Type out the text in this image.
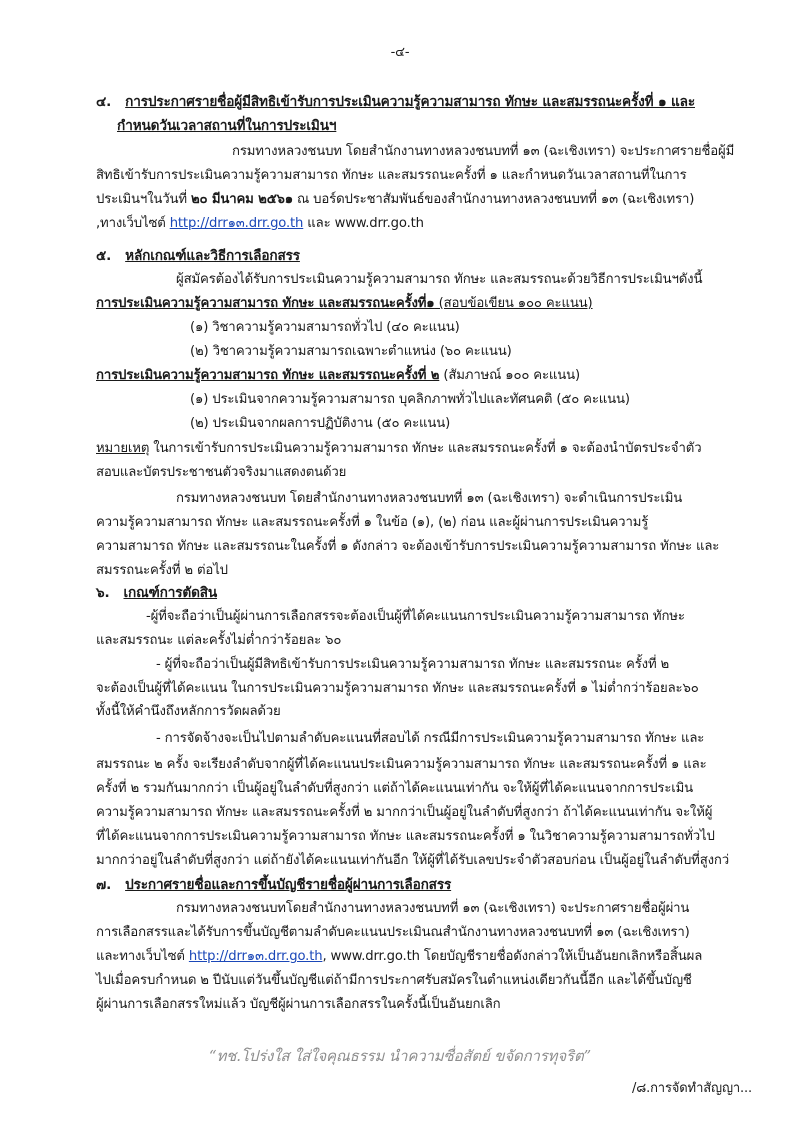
-๔-
๔. การประกาศรายชื่อผู้มีสิทธิเข้ารับการประเมินความรู้ความสามารถ ทักษะ และสมรรถนะครั้งที่ ๑ และ
กำหนดวันเวลาสถานที่ในการประเมินฯ
กรมทางหลวงชนบท โดยสำนักงานทางหลวงชนบทที่ ๑๓ (ฉะเชิงเทรา) จะประกาศรายชื่อผู้มี
สิทธิเข้ารับการประเมินความรู้ความสามารถ ทักษะ และสมรรถนะครั้งที่ ๑ และกำหนดวันเวลาสถานที่ในการ
ประเมินฯในวันที่ ๒๐ มีนาคม ๒๕๖๑ ณ บอร์ดประชาสัมพันธ์ของสำนักงานทางหลวงชนบทที่ ๑๓ (ฉะเชิงเทรา)
,ทางเว็บไซต์ http://drr๑๓.drr.go.th และ www.drr.go.th
๕. หลักเกณฑ์และวิธีการเลือกสรร
ผู้สมัครต้องได้รับการประเมินความรู้ความสามารถ ทักษะ และสมรรถนะด้วยวิธีการประเมินฯดังนี้
การประเมินความรู้ความสามารถ ทักษะ และสมรรถนะครั้งที่๑ (สอบข้อเขียน ๑๐๐ คะแนน)
(๑) วิชาความรู้ความสามารถทั่วไป (๔๐ คะแนน)
(๒) วิชาความรู้ความสามารถเฉพาะตำแหน่ง (๖๐ คะแนน)
การประเมินความรู้ความสามารถ ทักษะ และสมรรถนะครั้งที่ ๒ (สัมภาษณ์ ๑๐๐ คะแนน)
(๑) ประเมินจากความรู้ความสามารถ บุคลิกภาพทั่วไปและทัศนคติ (๕๐ คะแนน)
(๒) ประเมินจากผลการปฏิบัติงาน (๕๐ คะแนน)
หมายเหตุ ในการเข้ารับการประเมินความรู้ความสามารถ ทักษะ และสมรรถนะครั้งที่ ๑ จะต้องนำบัตรประจำตัว
สอบและบัตรประชาชนตัวจริงมาแสดงตนด้วย
กรมทางหลวงชนบท โดยสำนักงานทางหลวงชนบทที่ ๑๓ (ฉะเชิงเทรา) จะดำเนินการประเมิน
ความรู้ความสามารถ ทักษะ และสมรรถนะครั้งที่ ๑ ในข้อ (๑), (๒) ก่อน และผู้ผ่านการประเมินความรู้
ความสามารถ ทักษะ และสมรรถนะในครั้งที่ ๑ ดังกล่าว จะต้องเข้ารับการประเมินความรู้ความสามารถ ทักษะ และ
สมรรถนะครั้งที่ ๒ ต่อไป
๖. เกณฑ์การตัดสิน
-ผู้ที่จะถือว่าเป็นผู้ผ่านการเลือกสรรจะต้องเป็นผู้ที่ได้คะแนนการประเมินความรู้ความสามารถ ทักษะ
และสมรรถนะ แต่ละครั้งไม่ต่ำกว่าร้อยละ ๖๐
- ผู้ที่จะถือว่าเป็นผู้มีสิทธิเข้ารับการประเมินความรู้ความสามารถ ทักษะ และสมรรถนะ ครั้งที่ ๒
จะต้องเป็นผู้ที่ได้คะแนน ในการประเมินความรู้ความสามารถ ทักษะ และสมรรถนะครั้งที่ ๑ ไม่ต่ำกว่าร้อยละ๖๐
ทั้งนี้ให้คำนึงถึงหลักการวัดผลด้วย
- การจัดจ้างจะเป็นไปตามลำดับคะแนนที่สอบได้ กรณีมีการประเมินความรู้ความสามารถ ทักษะ และ
สมรรถนะ ๒ ครั้ง จะเรียงลำดับจากผู้ที่ได้คะแนนประเมินความรู้ความสามารถ ทักษะ และสมรรถนะครั้งที่ ๑ และ
ครั้งที่ ๒ รวมกันมากกว่า เป็นผู้อยู่ในลำดับที่สูงกว่า แต่ถ้าได้คะแนนเท่ากัน จะให้ผู้ที่ได้คะแนนจากการประเมิน
ความรู้ความสามารถ ทักษะ และสมรรถนะครั้งที่ ๒ มากกว่าเป็นผู้อยู่ในลำดับที่สูงกว่า ถ้าได้คะแนนเท่ากัน จะให้ผู้
ที่ได้คะแนนจากการประเมินความรู้ความสามารถ ทักษะ และสมรรถนะครั้งที่ ๑ ในวิชาความรู้ความสามารถทั่วไป
มากกว่าอยู่ในลำดับที่สูงกว่า แต่ถ้ายังได้คะแนนเท่ากันอีก ให้ผู้ที่ได้รับเลขประจำตัวสอบก่อน เป็นผู้อยู่ในลำดับที่สูงกว่
๗. ประกาศรายชื่อและการขึ้นบัญชีรายชื่อผู้ผ่านการเลือกสรร
กรมทางหลวงชนบทโดยสำนักงานทางหลวงชนบทที่ ๑๓ (ฉะเชิงเทรา) จะประกาศรายชื่อผู้ผ่าน
การเลือกสรรและได้รับการขึ้นบัญชีตามลำดับคะแนนประเมินณสำนักงานทางหลวงชนบทที่ ๑๓ (ฉะเชิงเทรา)
และทางเว็บไซต์ http://drr๑๓.drr.go.th, www.drr.go.th โดยบัญชีรายชื่อดังกล่าวให้เป็นอันยกเลิกหรือสิ้นผล
ไปเมื่อครบกำหนด ๒ ปีนับแต่วันขึ้นบัญชีแต่ถ้ามีการประกาศรับสมัครในตำแหน่งเดียวกันนี้อีก และได้ขึ้นบัญชี
ผู้ผ่านการเลือกสรรใหม่แล้ว บัญชีผู้ผ่านการเลือกสรรในครั้งนี้เป็นอันยกเลิก
“ทช.โปร่งใส ใส่ใจคุณธรรม นำความซื่อสัตย์ ขจัดการทุจริต”
/๘.การจัดทำสัญญา...
